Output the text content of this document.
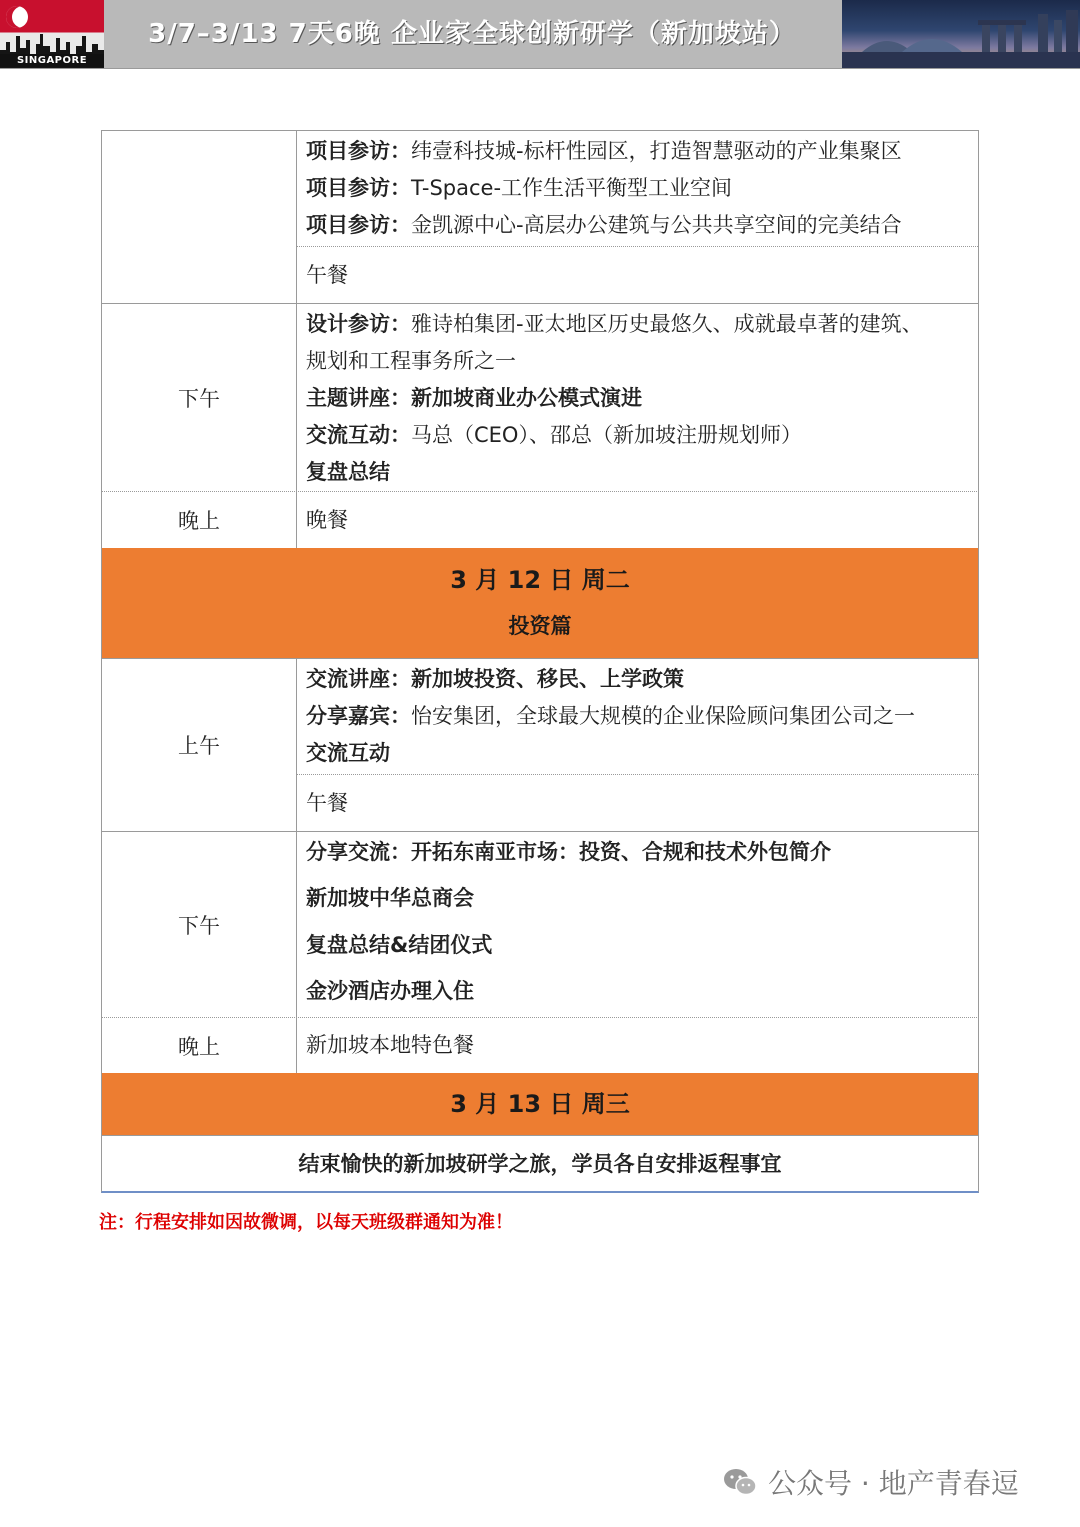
SINGAPORE
3/7–3/13 7天6晚 企业家全球创新研学（新加坡站）
项目参访：纬壹科技城-标杆性园区，打造智慧驱动的产业集聚区
项目参访：T-Space-工作生活平衡型工业空间
项目参访：金凯源中心-高层办公建筑与公共共享空间的完美结合
午餐
下午
设计参访：雅诗柏集团-亚太地区历史最悠久、成就最卓著的建筑、
规划和工程事务所之一
主题讲座：新加坡商业办公模式演进
交流互动：马总（CEO）、邵总（新加坡注册规划师）
复盘总结
晚上	晚餐
3 月 12 日 周二
投资篇
上午
交流讲座：新加坡投资、移民、上学政策
分享嘉宾：怡安集团，全球最大规模的企业保险顾问集团公司之一
交流互动
午餐
下午
分享交流：开拓东南亚市场：投资、合规和技术外包简介
新加坡中华总商会
复盘总结&结团仪式
金沙酒店办理入住
晚上	新加坡本地特色餐
3 月 13 日 周三
结束愉快的新加坡研学之旅，学员各自安排返程事宜
注：行程安排如因故微调，以每天班级群通知为准！
公众号 · 地产青春逗
